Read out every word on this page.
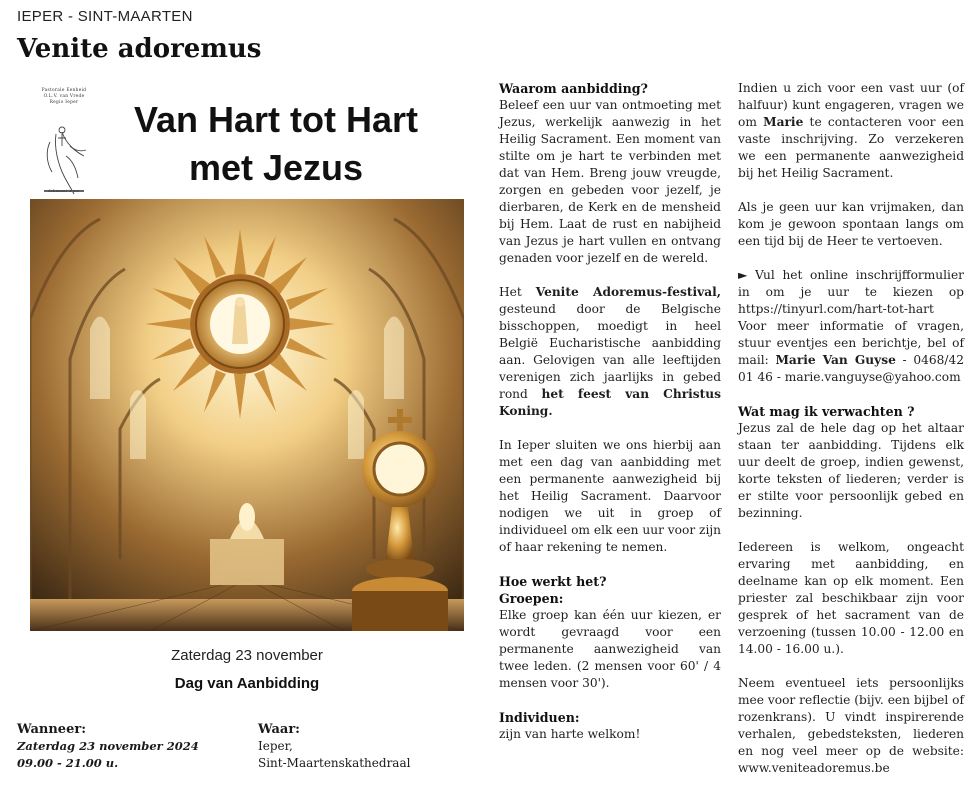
IEPER - SINT-MAARTEN
Venite adoremus
Pastorale Eenheid
O.L.V. van Vrede
Regio Ieper
dekenaat ieper
Van Hart tot Hart
met Jezus
Zaterdag 23 november
Dag van Aanbidding
Wanneer:
Zaterdag 23 november 2024
09.00 - 21.00 u.
Waar:
Ieper,
Sint-Maartenskathedraal
Waarom aanbidding?

Beleef een uur van ontmoeting met Jezus, werkelijk aanwezig in het Heilig Sacrament. Een moment van stilte om je hart te verbinden met dat van Hem. Breng jouw vreugde, zorgen en gebeden voor jezelf, je dierbaren, de Kerk en de mensheid bij Hem. Laat de rust en nabijheid van Jezus je hart vullen en ontvang genaden voor jezelf en de wereld.

Het Venite Adoremus-festival, gesteund door de Belgische bisschoppen, moedigt in heel België Eucharistische aanbidding aan. Gelovigen van alle leeftijden verenigen zich jaarlijks in gebed rond het feest van Christus Koning.

In Ieper sluiten we ons hierbij aan met een dag van aanbidding met een permanente aanwezigheid bij het Heilig Sacrament. Daarvoor nodigen we uit in groep of individueel om elk een uur voor zijn of haar rekening te nemen.

Hoe werkt het?
Groepen:

Elke groep kan één uur kiezen, er wordt gevraagd voor een permanente aanwezigheid van twee leden. (2 mensen voor 60' / 4 mensen voor 30').

Individuen:

zijn van harte welkom!

Indien u zich voor een vast uur (of halfuur) kunt engageren, vragen we om Marie te contacteren voor een vaste inschrijving. Zo verzekeren we een permanente aanwezigheid bij het Heilig Sacrament.

Als je geen uur kan vrijmaken, dan kom je gewoon spontaan langs om een tijd bij de Heer te vertoeven.

► Vul het online inschrijfformulier in om je uur te kiezen op https://tinyurl.com/hart-tot-hart

Voor meer informatie of vragen, stuur eventjes een berichtje, bel of mail: Marie Van Guyse - 0468/42 01 46 - marie.vanguyse@yahoo.com

Wat mag ik verwachten ?

Jezus zal de hele dag op het altaar staan ter aanbidding. Tijdens elk uur deelt de groep, indien gewenst, korte teksten of liederen; verder is er stilte voor persoonlijk gebed en bezinning.

Iedereen is welkom, ongeacht ervaring met aanbidding, en deelname kan op elk moment. Een priester zal beschikbaar zijn voor gesprek of het sacrament van de verzoening (tussen 10.00 - 12.00 en 14.00 - 16.00 u.).

Neem eventueel iets persoonlijks mee voor reflectie (bijv. een bijbel of rozenkrans). U vindt inspirerende verhalen, gebedsteksten, liederen en nog veel meer op de website: www.veniteadoremus.be
